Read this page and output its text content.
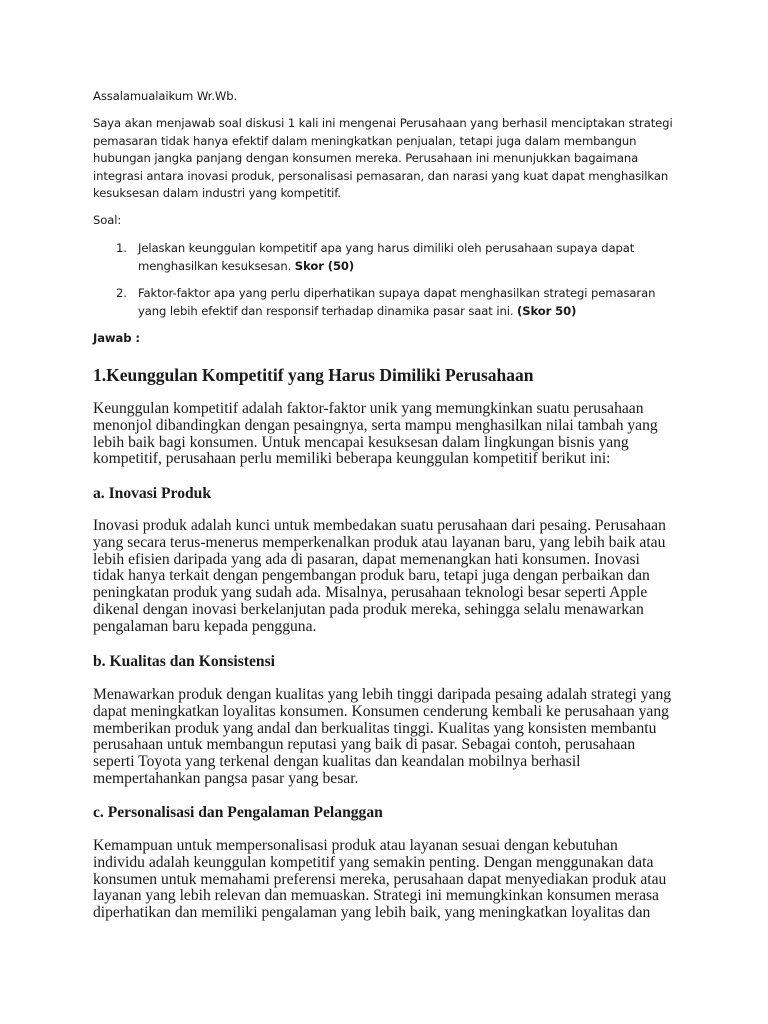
Assalamualaikum Wr.Wb.

Saya akan menjawab soal diskusi 1 kali ini mengenai Perusahaan yang berhasil menciptakan strategi pemasaran tidak hanya efektif dalam meningkatkan penjualan, tetapi juga dalam membangun hubungan jangka panjang dengan konsumen mereka. Perusahaan ini menunjukkan bagaimana integrasi antara inovasi produk, personalisasi pemasaran, dan narasi yang kuat dapat menghasilkan kesuksesan dalam industri yang kompetitif.

Soal:

1. Jelaskan keunggulan kompetitif apa yang harus dimiliki oleh perusahaan supaya dapat menghasilkan kesuksesan. Skor (50)
2. Faktor-faktor apa yang perlu diperhatikan supaya dapat menghasilkan strategi pemasaran yang lebih efektif dan responsif terhadap dinamika pasar saat ini. (Skor 50)

Jawab :

1.Keunggulan Kompetitif yang Harus Dimiliki Perusahaan

Keunggulan kompetitif adalah faktor-faktor unik yang memungkinkan suatu perusahaan menonjol dibandingkan dengan pesaingnya, serta mampu menghasilkan nilai tambah yang lebih baik bagi konsumen. Untuk mencapai kesuksesan dalam lingkungan bisnis yang kompetitif, perusahaan perlu memiliki beberapa keunggulan kompetitif berikut ini:

a. Inovasi Produk

Inovasi produk adalah kunci untuk membedakan suatu perusahaan dari pesaing. Perusahaan yang secara terus-menerus memperkenalkan produk atau layanan baru, yang lebih baik atau lebih efisien daripada yang ada di pasaran, dapat memenangkan hati konsumen. Inovasi tidak hanya terkait dengan pengembangan produk baru, tetapi juga dengan perbaikan dan peningkatan produk yang sudah ada. Misalnya, perusahaan teknologi besar seperti Apple dikenal dengan inovasi berkelanjutan pada produk mereka, sehingga selalu menawarkan pengalaman baru kepada pengguna.

b. Kualitas dan Konsistensi

Menawarkan produk dengan kualitas yang lebih tinggi daripada pesaing adalah strategi yang dapat meningkatkan loyalitas konsumen. Konsumen cenderung kembali ke perusahaan yang memberikan produk yang andal dan berkualitas tinggi. Kualitas yang konsisten membantu perusahaan untuk membangun reputasi yang baik di pasar. Sebagai contoh, perusahaan seperti Toyota yang terkenal dengan kualitas dan keandalan mobilnya berhasil mempertahankan pangsa pasar yang besar.

c. Personalisasi dan Pengalaman Pelanggan

Kemampuan untuk mempersonalisasi produk atau layanan sesuai dengan kebutuhan individu adalah keunggulan kompetitif yang semakin penting. Dengan menggunakan data konsumen untuk memahami preferensi mereka, perusahaan dapat menyediakan produk atau layanan yang lebih relevan dan memuaskan. Strategi ini memungkinkan konsumen merasa diperhatikan dan memiliki pengalaman yang lebih baik, yang meningkatkan loyalitas dan
